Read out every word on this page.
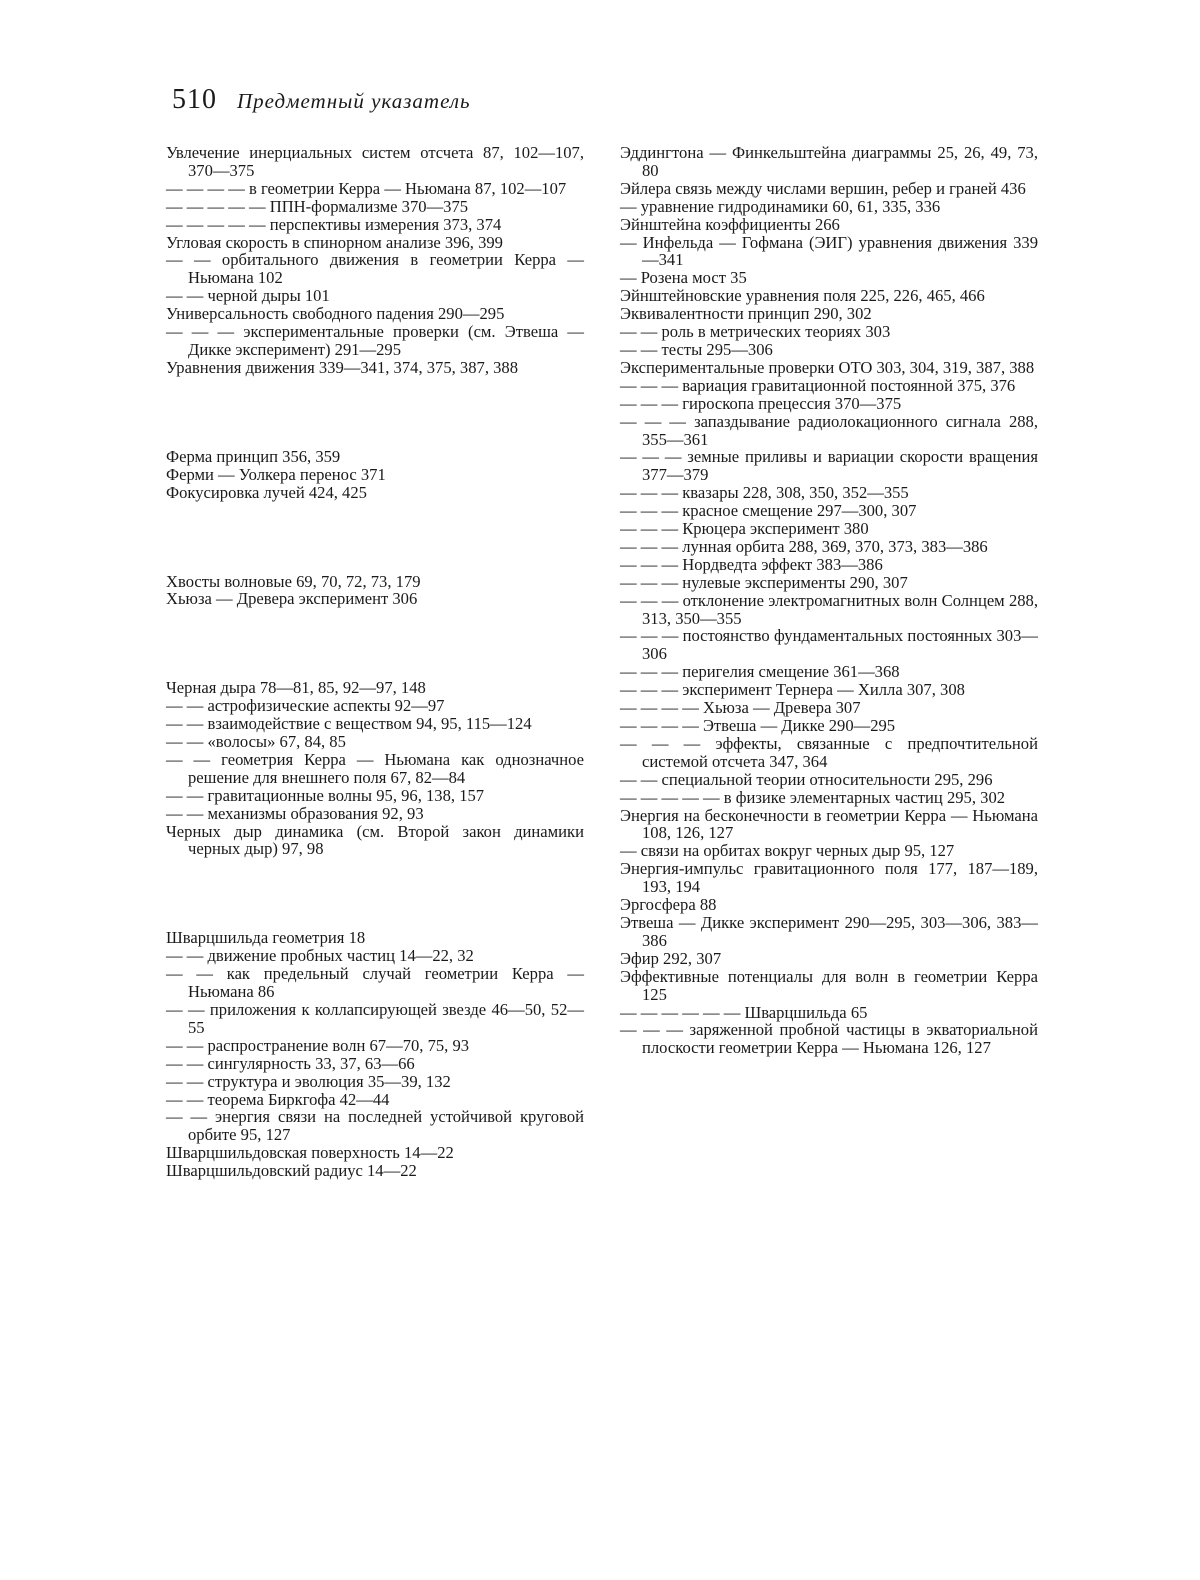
510 Предметный указатель
Увлечение инерциальных систем отсчета 87, 102—107, 370—375
— — — — в геометрии Керра — Ньюмана 87, 102—107
— — — — — ППН-формализме 370—375
— — — — — перспективы измерения 373, 374
Угловая скорость в спинорном анализе 396, 399
— — орбитального движения в геометрии Керра — Ньюмана 102
— — черной дыры 101
Универсальность свободного падения 290—295
— — — экспериментальные проверки (см. Этвеша — Дикке эксперимент) 291—295
Уравнения движения 339—341, 374, 375, 387, 388
Ферма принцип 356, 359
Ферми — Уолкера перенос 371
Фокусировка лучей 424, 425
Хвосты волновые 69, 70, 72, 73, 179
Хьюза — Древера эксперимент 306
Черная дыра 78—81, 85, 92—97, 148
— — астрофизические аспекты 92—97
— — взаимодействие с веществом 94, 95, 115—124
— — «волосы» 67, 84, 85
— — геометрия Керра — Ньюмана как однозначное решение для внешнего поля 67, 82—84
— — гравитационные волны 95, 96, 138, 157
— — механизмы образования 92, 93
Черных дыр динамика (см. Второй закон динамики черных дыр) 97, 98
Шварцшильда геометрия 18
— — движение пробных частиц 14—22, 32
— — как предельный случай геометрии Керра — Ньюмана 86
— — приложения к коллапсирующей звезде 46—50, 52—55
— — распространение волн 67—70, 75, 93
— — сингулярность 33, 37, 63—66
— — структура и эволюция 35—39, 132
— — теорема Биркгофа 42—44
— — энергия связи на последней устойчивой круговой орбите 95, 127
Шварцшильдовская поверхность 14—22
Шварцшильдовский радиус 14—22
Эддингтона — Финкельштейна диаграммы 25, 26, 49, 73, 80
Эйлера связь между числами вершин, ребер и граней 436
— уравнение гидродинамики 60, 61, 335, 336
Эйнштейна коэффициенты 266
— Инфельда — Гофмана (ЭИГ) уравнения движения 339—341
— Розена мост 35
Эйнштейновские уравнения поля 225, 226, 465, 466
Эквивалентности принцип 290, 302
— — роль в метрических теориях 303
— — тесты 295—306
Экспериментальные проверки ОТО 303, 304, 319, 387, 388
— — — вариация гравитационной постоянной 375, 376
— — — гироскопа прецессия 370—375
— — — запаздывание радиолокационного сигнала 288, 355—361
— — — земные приливы и вариации скорости вращения 377—379
— — — квазары 228, 308, 350, 352—355
— — — красное смещение 297—300, 307
— — — Крюцера эксперимент 380
— — — лунная орбита 288, 369, 370, 373, 383—386
— — — Нордведта эффект 383—386
— — — нулевые эксперименты 290, 307
— — — отклонение электромагнитных волн Солнцем 288, 313, 350—355
— — — постоянство фундаментальных постоянных 303—306
— — — перигелия смещение 361—368
— — — эксперимент Тернера — Хилла 307, 308
— — — — Хьюза — Древера 307
— — — — Этвеша — Дикке 290—295
— — — эффекты, связанные с предпочтительной системой отсчета 347, 364
— — специальной теории относительности 295, 296
— — — — — в физике элементарных частиц 295, 302
Энергия на бесконечности в геометрии Керра — Ньюмана 108, 126, 127
— связи на орбитах вокруг черных дыр 95, 127
Энергия-импульс гравитационного поля 177, 187—189, 193, 194
Эргосфера 88
Этвеша — Дикке эксперимент 290—295, 303—306, 383—386
Эфир 292, 307
Эффективные потенциалы для волн в геометрии Керра 125
— — — — — — Шварцшильда 65
— — — заряженной пробной частицы в экваториальной плоскости геометрии Керра — Ньюмана 126, 127
